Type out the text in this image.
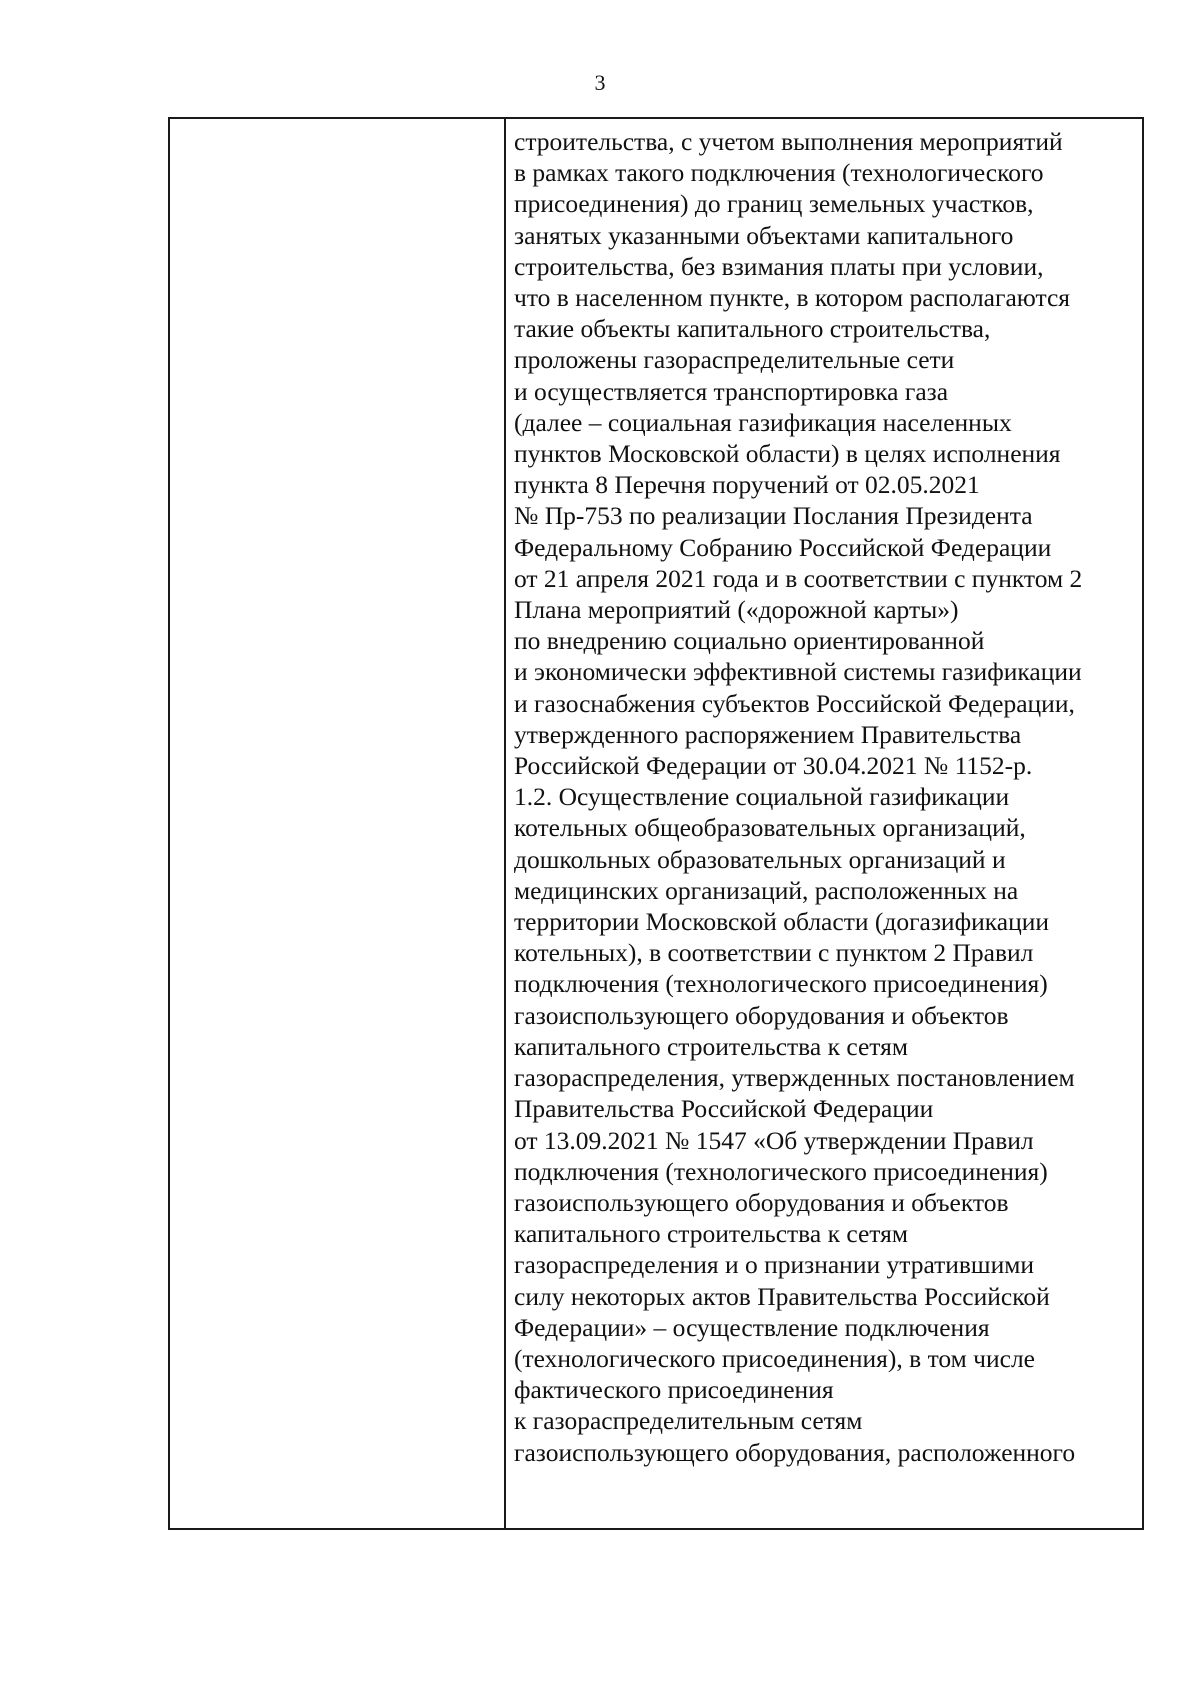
3
строительства, с учетом выполнения мероприятий
в рамках такого подключения (технологического
присоединения) до границ земельных участков,
занятых указанными объектами капитального
строительства, без взимания платы при условии,
что в населенном пункте, в котором располагаются
такие объекты капитального строительства,
проложены газораспределительные сети
и осуществляется транспортировка газа
(далее – социальная газификация населенных
пунктов Московской области) в целях исполнения
пункта 8 Перечня поручений от 02.05.2021
№ Пр-753 по реализации Послания Президента
Федеральному Собранию Российской Федерации
от 21 апреля 2021 года и в соответствии с пунктом 2
Плана мероприятий («дорожной карты»)
по внедрению социально ориентированной
и экономически эффективной системы газификации
и газоснабжения субъектов Российской Федерации,
утвержденного распоряжением Правительства
Российской Федерации от 30.04.2021 № 1152-р.
1.2. Осуществление социальной газификации
котельных общеобразовательных организаций,
дошкольных образовательных организаций и
медицинских организаций, расположенных на
территории Московской области (догазификации
котельных), в соответствии с пунктом 2 Правил
подключения (технологического присоединения)
газоиспользующего оборудования и объектов
капитального строительства к сетям
газораспределения, утвержденных постановлением
Правительства Российской Федерации
от 13.09.2021 № 1547 «Об утверждении Правил
подключения (технологического присоединения)
газоиспользующего оборудования и объектов
капитального строительства к сетям
газораспределения и о признании утратившими
силу некоторых актов Правительства Российской
Федерации» – осуществление подключения
(технологического присоединения), в том числе
фактического присоединения
к газораспределительным сетям
газоиспользующего оборудования, расположенного
